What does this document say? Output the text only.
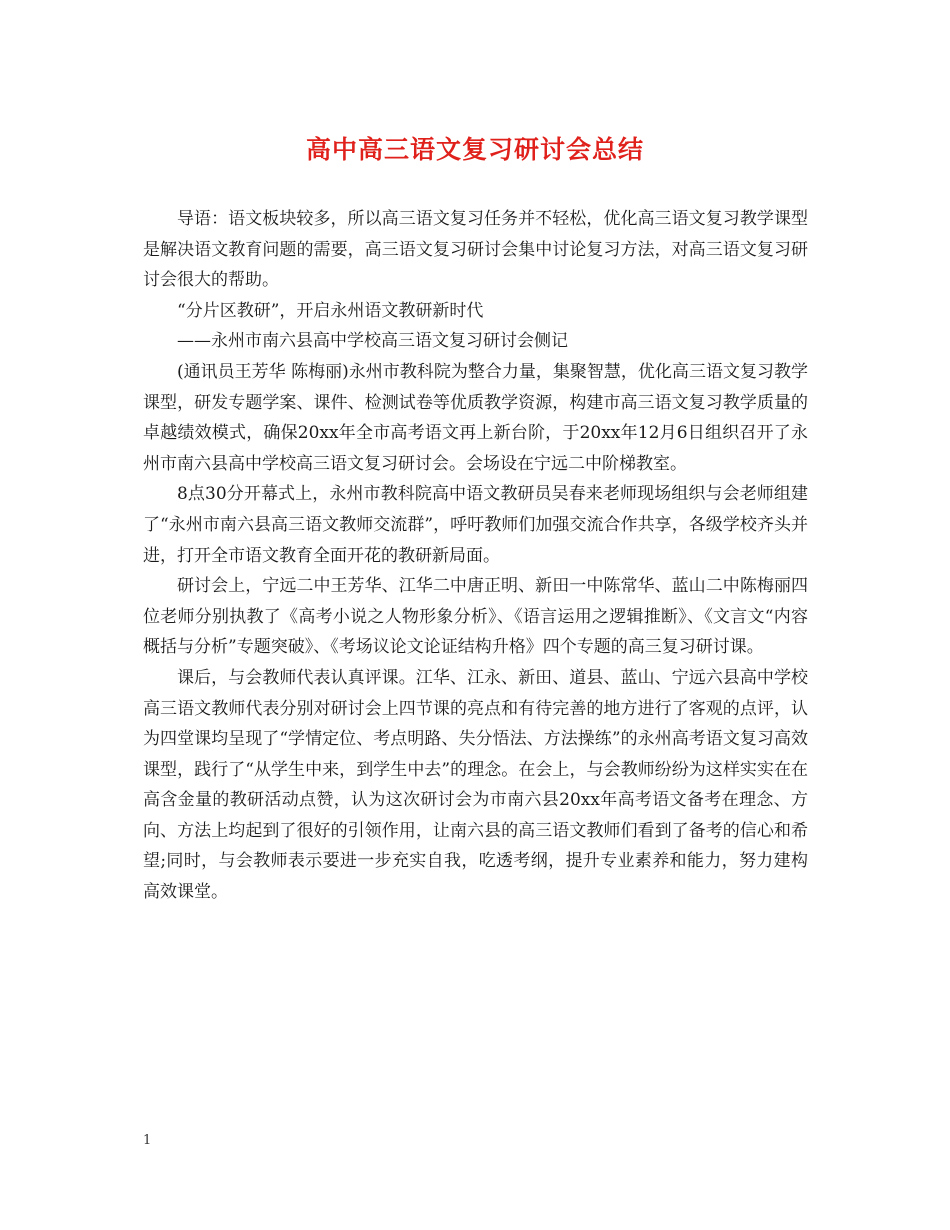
高中高三语文复习研讨会总结

导语：语文板块较多，所以高三语文复习任务并不轻松，优化高三语文复习教学课型是解决语文教育问题的需要，高三语文复习研讨会集中讨论复习方法，对高三语文复习研讨会很大的帮助。

“分片区教研”，开启永州语文教研新时代

——永州市南六县高中学校高三语文复习研讨会侧记

(通讯员王芳华 陈梅丽)永州市教科院为整合力量，集聚智慧，优化高三语文复习教学课型，研发专题学案、课件、检测试卷等优质教学资源，构建市高三语文复习教学质量的卓越绩效模式，确保20xx年全市高考语文再上新台阶，于20xx年12月6日组织召开了永州市南六县高中学校高三语文复习研讨会。会场设在宁远二中阶梯教室。

8点30分开幕式上，永州市教科院高中语文教研员吴春来老师现场组织与会老师组建了“永州市南六县高三语文教师交流群”，呼吁教师们加强交流合作共享，各级学校齐头并进，打开全市语文教育全面开花的教研新局面。

研讨会上，宁远二中王芳华、江华二中唐正明、新田一中陈常华、蓝山二中陈梅丽四位老师分别执教了《高考小说之人物形象分析》、《语言运用之逻辑推断》、《文言文“内容概括与分析”专题突破》、《考场议论文论证结构升格》四个专题的高三复习研讨课。

课后，与会教师代表认真评课。江华、江永、新田、道县、蓝山、宁远六县高中学校高三语文教师代表分别对研讨会上四节课的亮点和有待完善的地方进行了客观的点评，认为四堂课均呈现了“学情定位、考点明路、失分悟法、方法操练”的永州高考语文复习高效课型，践行了“从学生中来，到学生中去”的理念。在会上，与会教师纷纷为这样实实在在高含金量的教研活动点赞，认为这次研讨会为市南六县20xx年高考语文备考在理念、方向、方法上均起到了很好的引领作用，让南六县的高三语文教师们看到了备考的信心和希望;同时，与会教师表示要进一步充实自我，吃透考纲，提升专业素养和能力，努力建构高效课堂。

1
